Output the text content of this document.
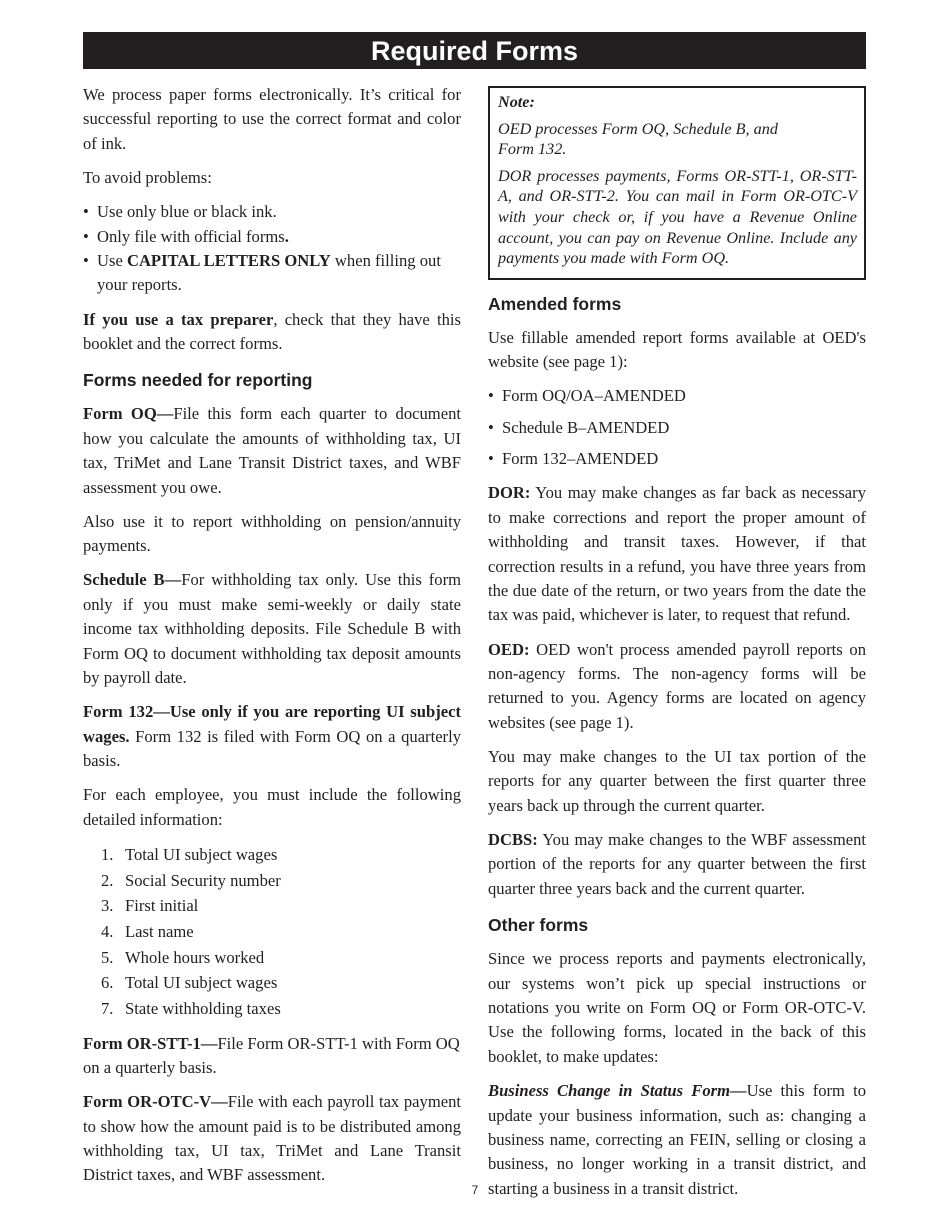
Required Forms

We process paper forms electronically. It’s critical for successful reporting to use the correct format and color of ink.

To avoid problems:

• Use only blue or black ink.
• Only file with official forms.
• Use CAPITAL LETTERS ONLY when filling out your reports.

If you use a tax preparer, check that they have this booklet and the correct forms.

Forms needed for reporting

Form OQ—File this form each quarter to document how you calculate the amounts of withholding tax, UI tax, TriMet and Lane Transit District taxes, and WBF assessment you owe.

Also use it to report withholding on pension/annuity payments.

Schedule B—For withholding tax only. Use this form only if you must make semi-weekly or daily state income tax withholding deposits. File Schedule B with Form OQ to document withholding tax deposit amounts by payroll date.

Form 132—Use only if you are reporting UI subject wages. Form 132 is filed with Form OQ on a quarterly basis.

For each employee, you must include the following detailed information:

1. Total UI subject wages
2. Social Security number
3. First initial
4. Last name
5. Whole hours worked
6. Total UI subject wages
7. State withholding taxes

Form OR-STT-1—File Form OR-STT-1 with Form OQ on a quarterly basis.

Form OR-OTC-V—File with each payroll tax payment to show how the amount paid is to be distributed among withholding tax, UI tax, TriMet and Lane Transit District taxes, and WBF assessment.

Note:

OED processes Form OQ, Schedule B, and Form 132.

DOR processes payments, Forms OR-STT-1, OR-STT-A, and OR-STT-2. You can mail in Form OR-OTC-V with your check or, if you have a Revenue Online account, you can pay on Revenue Online. Include any payments you made with Form OQ.

Amended forms

Use fillable amended report forms available at OED's website (see page 1):

• Form OQ/OA–AMENDED
• Schedule B–AMENDED
• Form 132–AMENDED

DOR: You may make changes as far back as necessary to make corrections and report the proper amount of withholding and transit taxes. However, if that correction results in a refund, you have three years from the due date of the return, or two years from the date the tax was paid, whichever is later, to request that refund.

OED: OED won't process amended payroll reports on non-agency forms. The non-agency forms will be returned to you. Agency forms are located on agency websites (see page 1).

You may make changes to the UI tax portion of the reports for any quarter between the first quarter three years back up through the current quarter.

DCBS: You may make changes to the WBF assessment portion of the reports for any quarter between the first quarter three years back and the current quarter.

Other forms

Since we process reports and payments electronically, our systems won’t pick up special instructions or notations you write on Form OQ or Form OR-OTC-V. Use the following forms, located in the back of this booklet, to make updates:

Business Change in Status Form—Use this form to update your business information, such as: changing a business name, correcting an FEIN, selling or closing a business, no longer working in a transit district, and starting a business in a transit district.

7
